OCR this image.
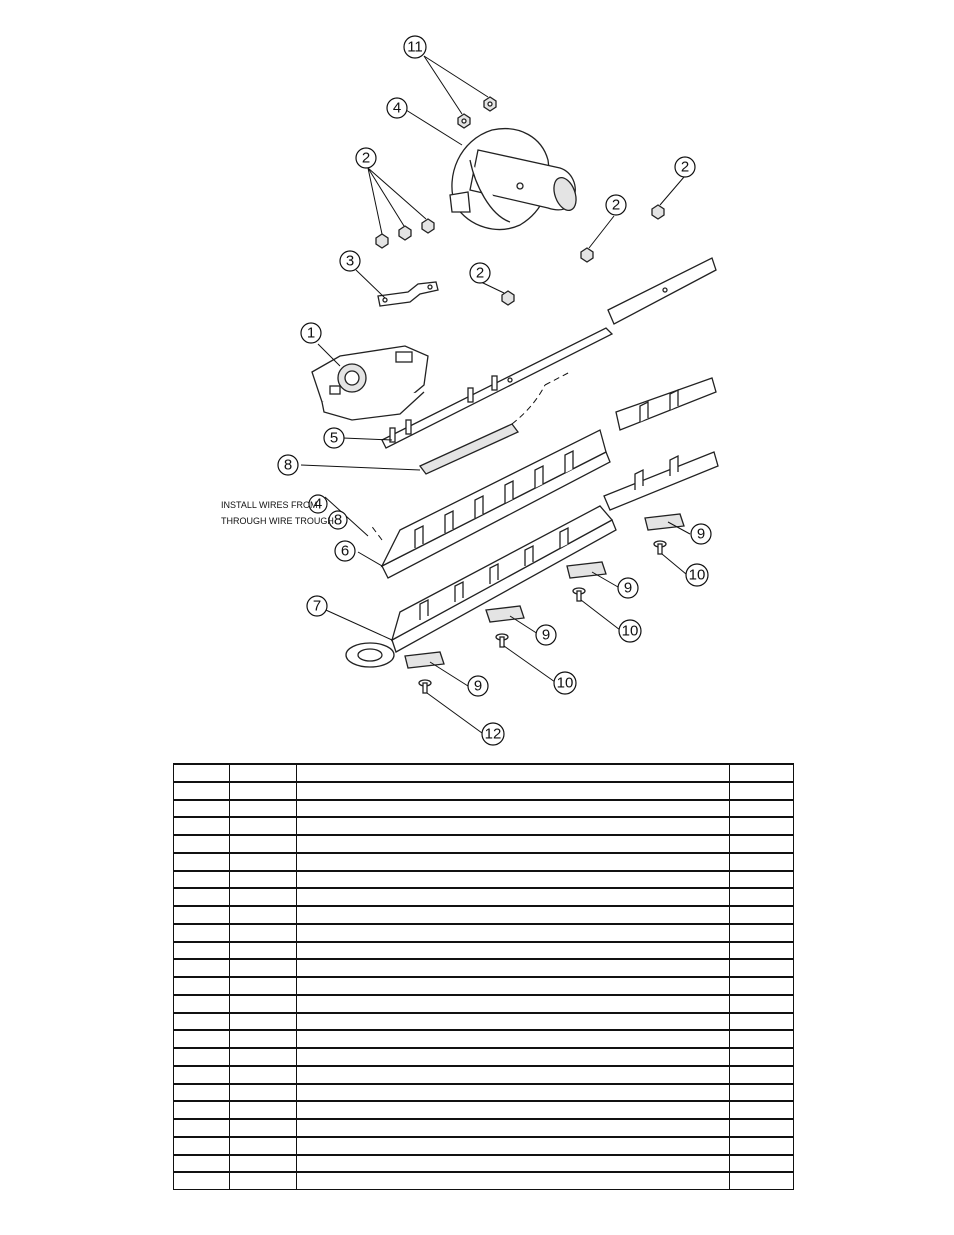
11
4
2
2
2
2
3
1
5
8
4
8
6
7
9
9
9
9
10
10
10
12
INSTALL WIRES FROM
THROUGH WIRE TROUGH
